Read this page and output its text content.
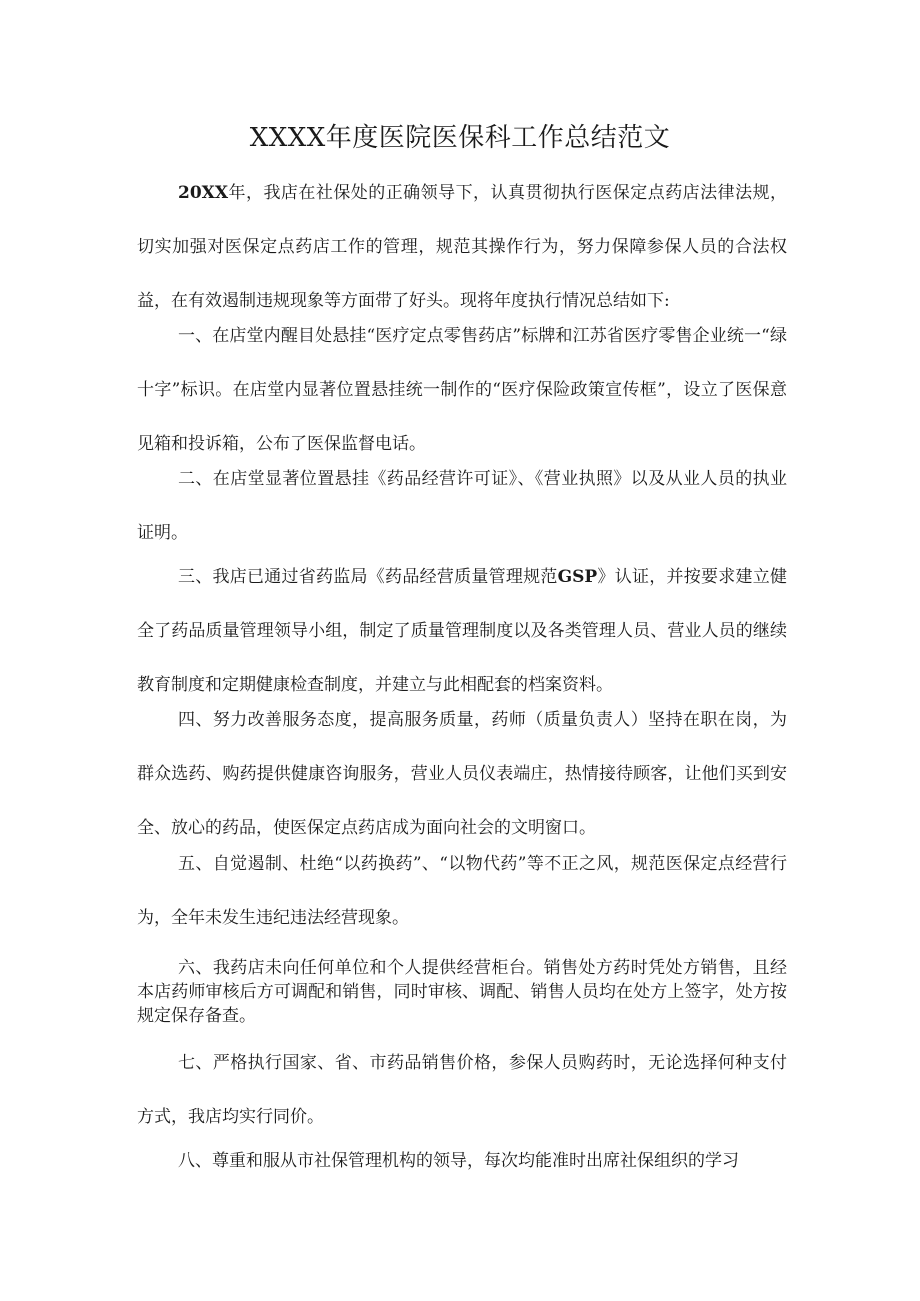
XXXX年度医院医保科工作总结范文

20XX年，我店在社保处的正确领导下，认真贯彻执行医保定点药店法律法规，切实加强对医保定点药店工作的管理，规范其操作行为，努力保障参保人员的合法权益，在有效遏制违规现象等方面带了好头。现将年度执行情况总结如下:

一、在店堂内醒目处悬挂“医疗定点零售药店”标牌和江苏省医疗零售企业统一“绿十字”标识。在店堂内显著位置悬挂统一制作的“医疗保险政策宣传框”，设立了医保意见箱和投诉箱，公布了医保监督电话。

二、在店堂显著位置悬挂《药品经营许可证》、《营业执照》以及从业人员的执业证明。

三、我店已通过省药监局《药品经营质量管理规范GSP》认证，并按要求建立健全了药品质量管理领导小组，制定了质量管理制度以及各类管理人员、营业人员的继续教育制度和定期健康检查制度，并建立与此相配套的档案资料。

四、努力改善服务态度，提高服务质量，药师（质量负责人）坚持在职在岗，为群众选药、购药提供健康咨询服务，营业人员仪表端庄，热情接待顾客，让他们买到安全、放心的药品，使医保定点药店成为面向社会的文明窗口。

五、自觉遏制、杜绝“以药换药”、“以物代药”等不正之风，规范医保定点经营行为，全年未发生违纪违法经营现象。

六、我药店未向任何单位和个人提供经营柜台。销售处方药时凭处方销售，且经本店药师审核后方可调配和销售，同时审核、调配、销售人员均在处方上签字，处方按规定保存备查。

七、严格执行国家、省、市药品销售价格，参保人员购药时，无论选择何种支付方式，我店均实行同价。

八、尊重和服从市社保管理机构的领导，每次均能准时出席社保组织的学习
